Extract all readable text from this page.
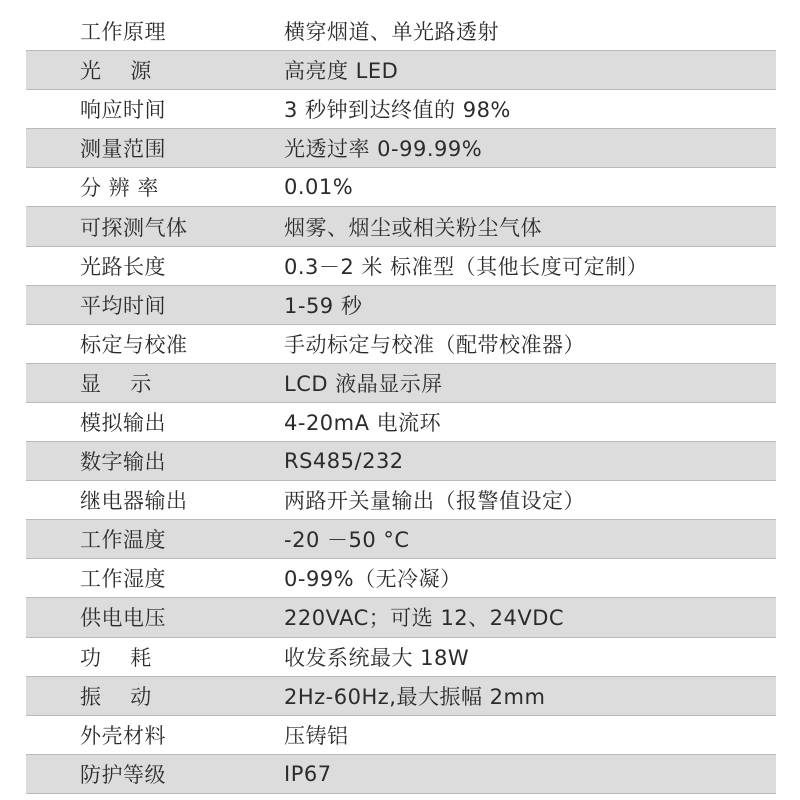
工作原理	横穿烟道、单光路透射
光    源	高亮度 LED
响应时间	3 秒钟到达终值的 98%
测量范围	光透过率 0-99.99%
分 辨 率	0.01%
可探测气体	烟雾、烟尘或相关粉尘气体
光路长度	0.3－2 米 标准型（其他长度可定制）
平均时间	1-59 秒
标定与校准	手动标定与校准（配带校准器）
显    示	LCD 液晶显示屏
模拟输出	4-20mA 电流环
数字输出	RS485/232
继电器输出	两路开关量输出（报警值设定）
工作温度	-20 －50 °C
工作湿度	0-99%（无冷凝）
供电电压	220VAC；可选 12、24VDC
功    耗	收发系统最大 18W
振    动	2Hz-60Hz,最大振幅 2mm
外壳材料	压铸铝
防护等级	IP67
